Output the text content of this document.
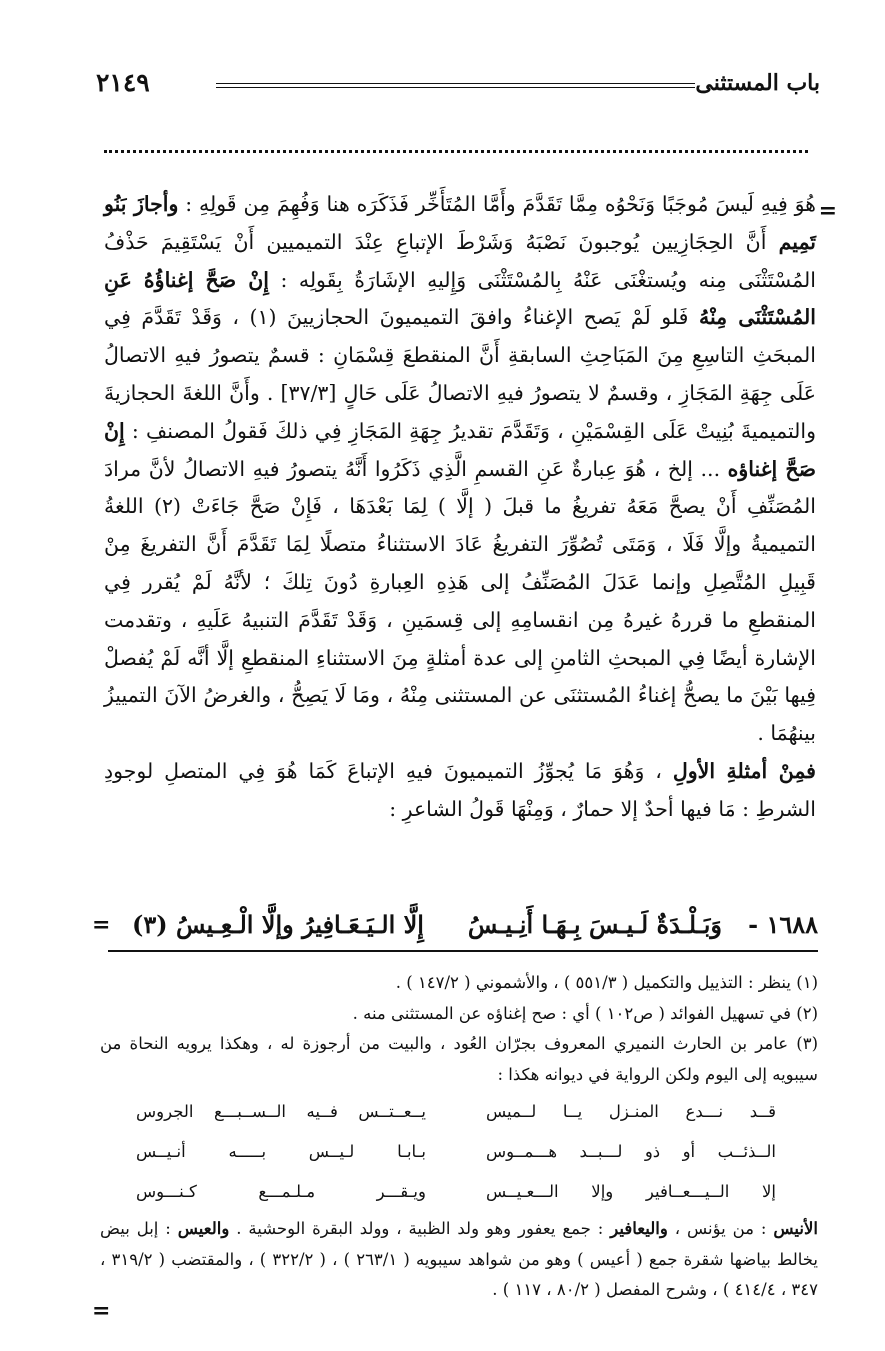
باب المستثنى
٢١٤٩
=

هُوَ فِيهِ لَيسَ مُوجَبًا وَنَحْوُه مِمَّا تَقَدَّمَ وأَمَّا المُتَأَخِّر فَذَكَرَه هنا وَفُهِمَ مِن قَولِهِ : وأجازَ بَنُو تَمِيم أَنَّ الحِجَازِيين يُوجبونَ نَصْبَهُ وَشَرْطَ الإتباعِ عِنْدَ التميميين أَنْ يَسْتَقِيمَ حَذْفُ المُسْتَثْنَى مِنه ويُستغْنَى عَنْهُ بِالمُسْتَثْنَى وَإِليهِ الإشَارَةُ بِقَولِه : إِنْ صَحَّ إغناؤُهُ عَنِ المُسْتَثْنَى مِنْهُ فَلو لَمْ يَصح الإغناءُ وافقَ التميميونَ الحجازيينَ (١) ، وَقَدْ تَقَدَّمَ فِي المبحَثِ التاسِعِ مِنَ المَبَاحِثِ السابقةِ أَنَّ المنقطعَ قِسْمَانِ : قسمٌ يتصورُ فيهِ الاتصالُ عَلَى جِهَةِ المَجَازِ ، وقسمٌ لا يتصورُ فيهِ الاتصالُ عَلَى حَالٍ [٣٧/٣] . وأَنَّ اللغةَ الحجازيةَ والتميميةَ بُنِيتْ عَلَى القِسْمَيْنِ ، وَتَقَدَّمَ تقديرُ جِهَةِ المَجَازِ فِي ذلكَ فَقولُ المصنفِ : إِنْ صَحَّ إغناؤه ... إلخ ، هُوَ عِبارةٌ عَنِ القسمِ الَّذِي ذَكَرُوا أَنَّهُ يتصورُ فيهِ الاتصالُ لأنَّ مرادَ المُصَنِّفِ أَنْ يصحَّ مَعَهُ تفريغُ ما قبلَ ( إلَّا ) لِمَا بَعْدَهَا ، فَإِنْ صَحَّ جَاءَتْ (٢) اللغةُ التميميةُ وإلَّا فَلَا ، وَمَتَى تُصُوِّرَ التفريغُ عَادَ الاستثناءُ متصلًا لِمَا تَقَدَّمَ أَنَّ التفريغَ مِنْ قَبِيلِ المُتَّصِلِ وإنما عَدَلَ المُصَنِّفُ إلى هَذِهِ العِبارةِ دُونَ تِلكَ ؛ لأنَّهُ لَمْ يُقرر فِي المنقطعِ ما قررهُ غيرهُ مِن انقسامِهِ إلى قِسمَينِ ، وَقَدْ تَقَدَّمَ التنبيهُ عَلَيهِ ، وتقدمت الإشارة أيضًا فِي المبحثِ الثامنِ إلى عدة أمثلةٍ مِنَ الاستثناءِ المنقطعِ إلَّا أنَّه لَمْ يُفصلْ فِيها بَيْنَ ما يصحُّ إغناءُ المُستثنَى عن المستثنى مِنْهُ ، ومَا لَا يَصِحُّ ، والغرضُ الآنَ التمييزُ بينهُمَا .

فمِنْ أمثلةِ الأولِ ، وَهُوَ مَا يُجوِّزُ التميميونَ فيهِ الإتباعَ كَمَا هُوَ فِي المتصلِ لوجودِ الشرطِ : مَا فيها أحدٌ إلا حمارٌ ، وَمِنْهَا قَولُ الشاعرِ :

١٦٨٨ -
وَبَـلْـدَةٌ لَـيـسَ بِـهَـا أَنِـيـسُ
إِلَّا الـيَـعَـافِيرُ وإلَّا الْـعِـيسُ (٣)
=

(١) ينظر : التذييل والتكميل ( ٥٥١/٣ ) ، والأشموني ( ١٤٧/٢ ) .

(٢) في تسهيل الفوائد ( ص١٠٢ ) أي : صح إغناؤه عن المستثنى منه .

(٣) عامر بن الحارث النميري المعروف بجرّان العُود ، والبيت من أرجوزة له ، وهكذا يرويه النحاة من سيبويه إلى اليوم ولكن الرواية في ديوانه هكذا :

قــد نـــدع المنـزل يــا لــميس
يــعــتــس فــيه الــســبـــع الجروس
الــذئــب أو ذو لـــبــد هـــمــوس
بـابـا لـيــس بـــــه أنـيــس
إلا الــيـــعــافير وإلا الـــعـيــس
ويـقـــر مـلـمـــع كـنـــوس

الأنيس : من يؤنس ، واليعافير : جمع يعفور وهو ولد الظبية ، وولد البقرة الوحشية . والعيس : إبل بيض يخالط بياضها شقرة جمع ( أعيس ) وهو من شواهد سيبويه ( ٢٦٣/١ ) ، ( ٣٢٢/٢ ) ، والمقتضب ( ٣١٩/٢ ، ٣٤٧ ، ٤١٤/٤ ) ، وشرح المفصل ( ٨٠/٢ ، ١١٧ ) .

=
